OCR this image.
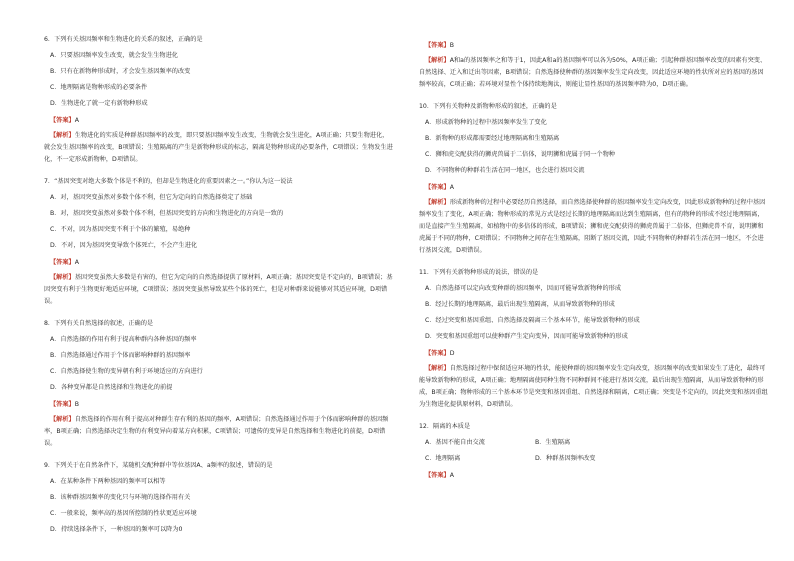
6．下列有关基因频率和生物进化的关系的叙述，正确的是
A．只要基因频率发生改变，就会发生生物进化
B．只有在新物种形成时，才会发生基因频率的改变
C．地理隔离是物种形成的必要条件
D．生物进化了就一定有新物种形成
【答案】A
【解析】生物进化的实质是种群基因频率的改变，即只要基因频率发生改变，生物就会发生进化，A项正确；只要生物进化，就会发生基因频率的改变，B项错误；生殖隔离的产生是新物种形成的标志，隔离是物种形成的必要条件，C项错误；生物发生进化，不一定形成新物种，D项错误。
7．“基因突变对绝大多数个体是不利的，但却是生物进化的重要因素之一。”你认为这一说法
A．对，基因突变虽然对多数个体不利，但它为定向的自然选择奠定了基础
B．对，基因突变虽然对多数个体不利，但基因突变的方向和生物进化的方向是一致的
C．不对，因为基因突变不利于个体的繁殖，易绝种
D．不对，因为基因突变导致个体死亡，不会产生进化
【答案】A
【解析】基因突变虽然大多数是有害的，但它为定向的自然选择提供了原材料，A项正确；基因突变是不定向的，B项错误；基因突变有利于生物更好地适应环境，C项错误；基因突变虽然导致某些个体的死亡，但是对种群来说能够对其适应环境，D项错误。
8．下列有关自然选择的叙述，正确的是
A．自然选择的作用有利于提高种群内各种基因的频率
B．自然选择通过作用于个体而影响种群的基因频率
C．自然选择使生物的变异朝有利于环境适应的方向进行
D．各种变异都是自然选择和生物进化的前提
【答案】B
【解析】自然选择的作用有利于提高对种群生存有利的基因的频率，A项错误；自然选择通过作用于个体而影响种群的基因频率，B项正确；自然选择决定生物的有利变异向着某方向积累，C项错误；可遗传的变异是自然选择和生物进化的前提，D项错误。
9．下列关于在自然条件下，某随机交配种群中等位基因A、a频率的叙述，错误的是
A．在某种条件下两种基因的频率可以相等
B．该种群基因频率的变化只与环境的选择作用有关
C．一般来说，频率高的基因所控制的性状更适应环境
D．持续选择条件下，一种基因的频率可以降为0
【答案】B
【解析】A和a的基因频率之和等于1，因此A和a的基因频率可以各为50%，A项正确；引起种群基因频率改变的因素有突变、自然选择、迁入和迁出等因素，B项错误；自然选择使种群的基因频率发生定向改变，因此适应环境的性状所对应的基因的基因频率较高，C项正确；若环境对显性个体持续地淘汰，则能让显性基因的基因频率降为0，D项正确。
10．下列有关物种及新物种形成的叙述，正确的是
A．形成新物种的过程中基因频率发生了变化
B．新物种的形成都需要经过地理隔离和生殖隔离
C．狮和虎交配获得的狮虎兽属于二倍体，说明狮和虎属于同一个物种
D．不同物种的种群若生活在同一地区，也会进行基因交流
【答案】A
【解析】形成新物种的过程中必要经历自然选择，而自然选择使种群的基因频率发生定向改变，因此形成新物种的过程中基因频率发生了变化，A项正确；物种形成的常见方式是经过长期的地理隔离而达到生殖隔离，但有的物种的形成不经过地理隔离，而是直接产生生殖隔离，如植物中的多倍体的形成，B项错误；狮和虎交配获得的狮虎兽属于二倍体，但狮虎兽不育，说明狮和虎属于不同的物种，C项错误；不同物种之间存在生殖隔离，阻断了基因交流，因此不同物种的种群若生活在同一地区，不会进行基因交流，D项错误。
11．下列有关新物种形成的说法，错误的是
A．自然选择可以定向改变种群的基因频率，因而可能导致新物种的形成
B．经过长期的地理隔离，最后出现生殖隔离，从而导致新物种的形成
C．经过突变和基因重组、自然选择及隔离三个基本环节，能导致新物种的形成
D．突变和基因重组可以使种群产生定向变异，因而可能导致新物种的形成
【答案】D
【解析】自然选择过程中保留适应环境的性状，能使种群的基因频率发生定向改变，基因频率的改变如果发生了进化，最终可能导致新物种的形成，A项正确；地理隔离使同种生物不同种群间不能进行基因交流，最后出现生殖隔离，从而导致新物种的形成，B项正确；物种形成的三个基本环节是突变和基因重组、自然选择和隔离，C项正确；突变是不定向的，因此突变和基因重组为生物进化提供原材料，D项错误。
12．隔离的本质是
A．基因不能自由交流	B．生殖隔离
C．地理隔离	D．种群基因频率改变
【答案】A
